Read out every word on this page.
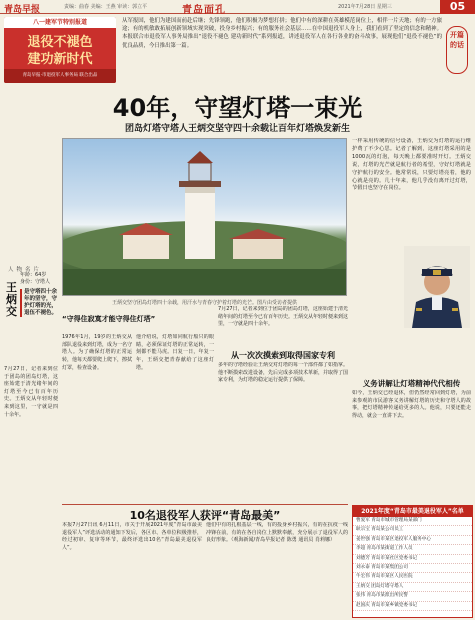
青岛早报	责编：曲春 美编：王燕 审读：郭立平	青岛面孔	2021年7月28日 星期三	05
八一建军节特别报道
退役不褪色
建功新时代
青岛早报·市退役军人事务局 联合出品
从军报国，他们为建国而前赴后继；先锋领跑，他们积极为梦想打拼；他们中有的深耕在英雄模范岗位上，相伴一片天地；有的一方旅途；有的机敏敢拓展创新领域实现突破，投身乡村振兴；有的服务社会基层……在中国退役军人身上，我们看到了坚定的信念和精神。本报联合市退役军人事务局推出“退役不褪色 建功新时代”系列报道，讲述退役军人在各行各业的奋斗故事，展现他们“退役不褪色”的优良品质，今日推出第一篇。
开篇的话
40年，守望灯塔一束光
团岛灯塔守塔人王炳交坚守四十余载让百年灯塔焕发新生
王炳交坚守团岛灯塔四十余载，用汗水与青春守护着灯塔的光芒。图片由受访者提供
人物名片
王炳交
年龄：64岁
身份：守塔人
是守塔四十余年的坚守，守护灯塔的光，退伍不褪色。
一样采用传统的信号设备，王炳交为灯塔的运行维护费了不少心思。记者了解到，这座灯塔采用的是1000瓦的灯泡，每天晚上都要准时开灯。王炳交说，灯塔的光芒就是航行者的希望，守好灯塔就是守护航行的安全。他常常说，只要灯塔亮着，他的心就是亮的。几十年来，他几乎没有离开过灯塔，节假日也坚守在岗位。
7月27日，记者来到位于团岛的团岛灯塔，这座始建于清光绪年间的灯塔至今已有百年历史。王炳交从年轻时便来到这里，一守就是四十余年。
“守得住寂寞才能守得住灯塔”
1976年1月，19岁的王炳交从部队退役来到灯塔，成为一名守塔人。为了确保灯塔的正常运转，他每天都要爬上爬下，擦拭灯罩，检查设备。
他介绍说，灯塔如同航行船只的眼睛，必须保证灯塔的正常运转，一刻都不能马虎。日复一日，年复一年，王炳交把青春献给了这座灯塔。
7月27日，记者来到位于团岛的团岛灯塔，这座始建于清光绪年间的灯塔至今已有百年历史。王炳交从年轻时便来到这里，一守就是四十余年。
从一次次摸索到取得国家专利
多年的守塔经验让王炳交对灯塔的每一个部件都了如指掌。他不断摸索改进设备，先后完成多项技术革新，并取得了国家专利，为灯塔的稳定运行提供了保障。	义务讲解让灯塔精神代代相传
如今，王炳交已经退休，但仍然经常回到灯塔，为前来参观的市民游客义务讲解灯塔的历史和守塔人的故事，把灯塔精神传递给更多的人。他说，只要还能走得动，就会一直讲下去。
10名退役军人获评“青岛最美”
本报7月27日讯 6月11日，市关于开展2021年度“青岛市最美退役军人”评选活动的通知下发后，各区市、各单位积极推荐，经过初审、复审等环节，最终评选出10名“青岛最美退役军人”。
他们中有的扎根基层一线，有的投身乡村振兴，有的在抗疫一线冲锋在前，有的在各自岗位上默默奉献，充分展示了退役军人的良好形象。（观海新闻/青岛早报记者 陈勇 通讯员 肖莉娜）
2021年度“青岛市最美退役军人”名单
曹爱军 青岛市城市管理局某部门
耿宗宝 青岛某公司员工
姜世强 青岛市某区退役军人服务中心
李超 青岛市某街道工作人员
刘德芳 青岛市某社区党委书记
刘永泰 青岛市某集团公司
牛宏伟 青岛市某区人民医院
王炳交 团岛灯塔守塔人
张伟 青岛市某派出所民警
赵国庆 青岛市某乡镇党委书记
